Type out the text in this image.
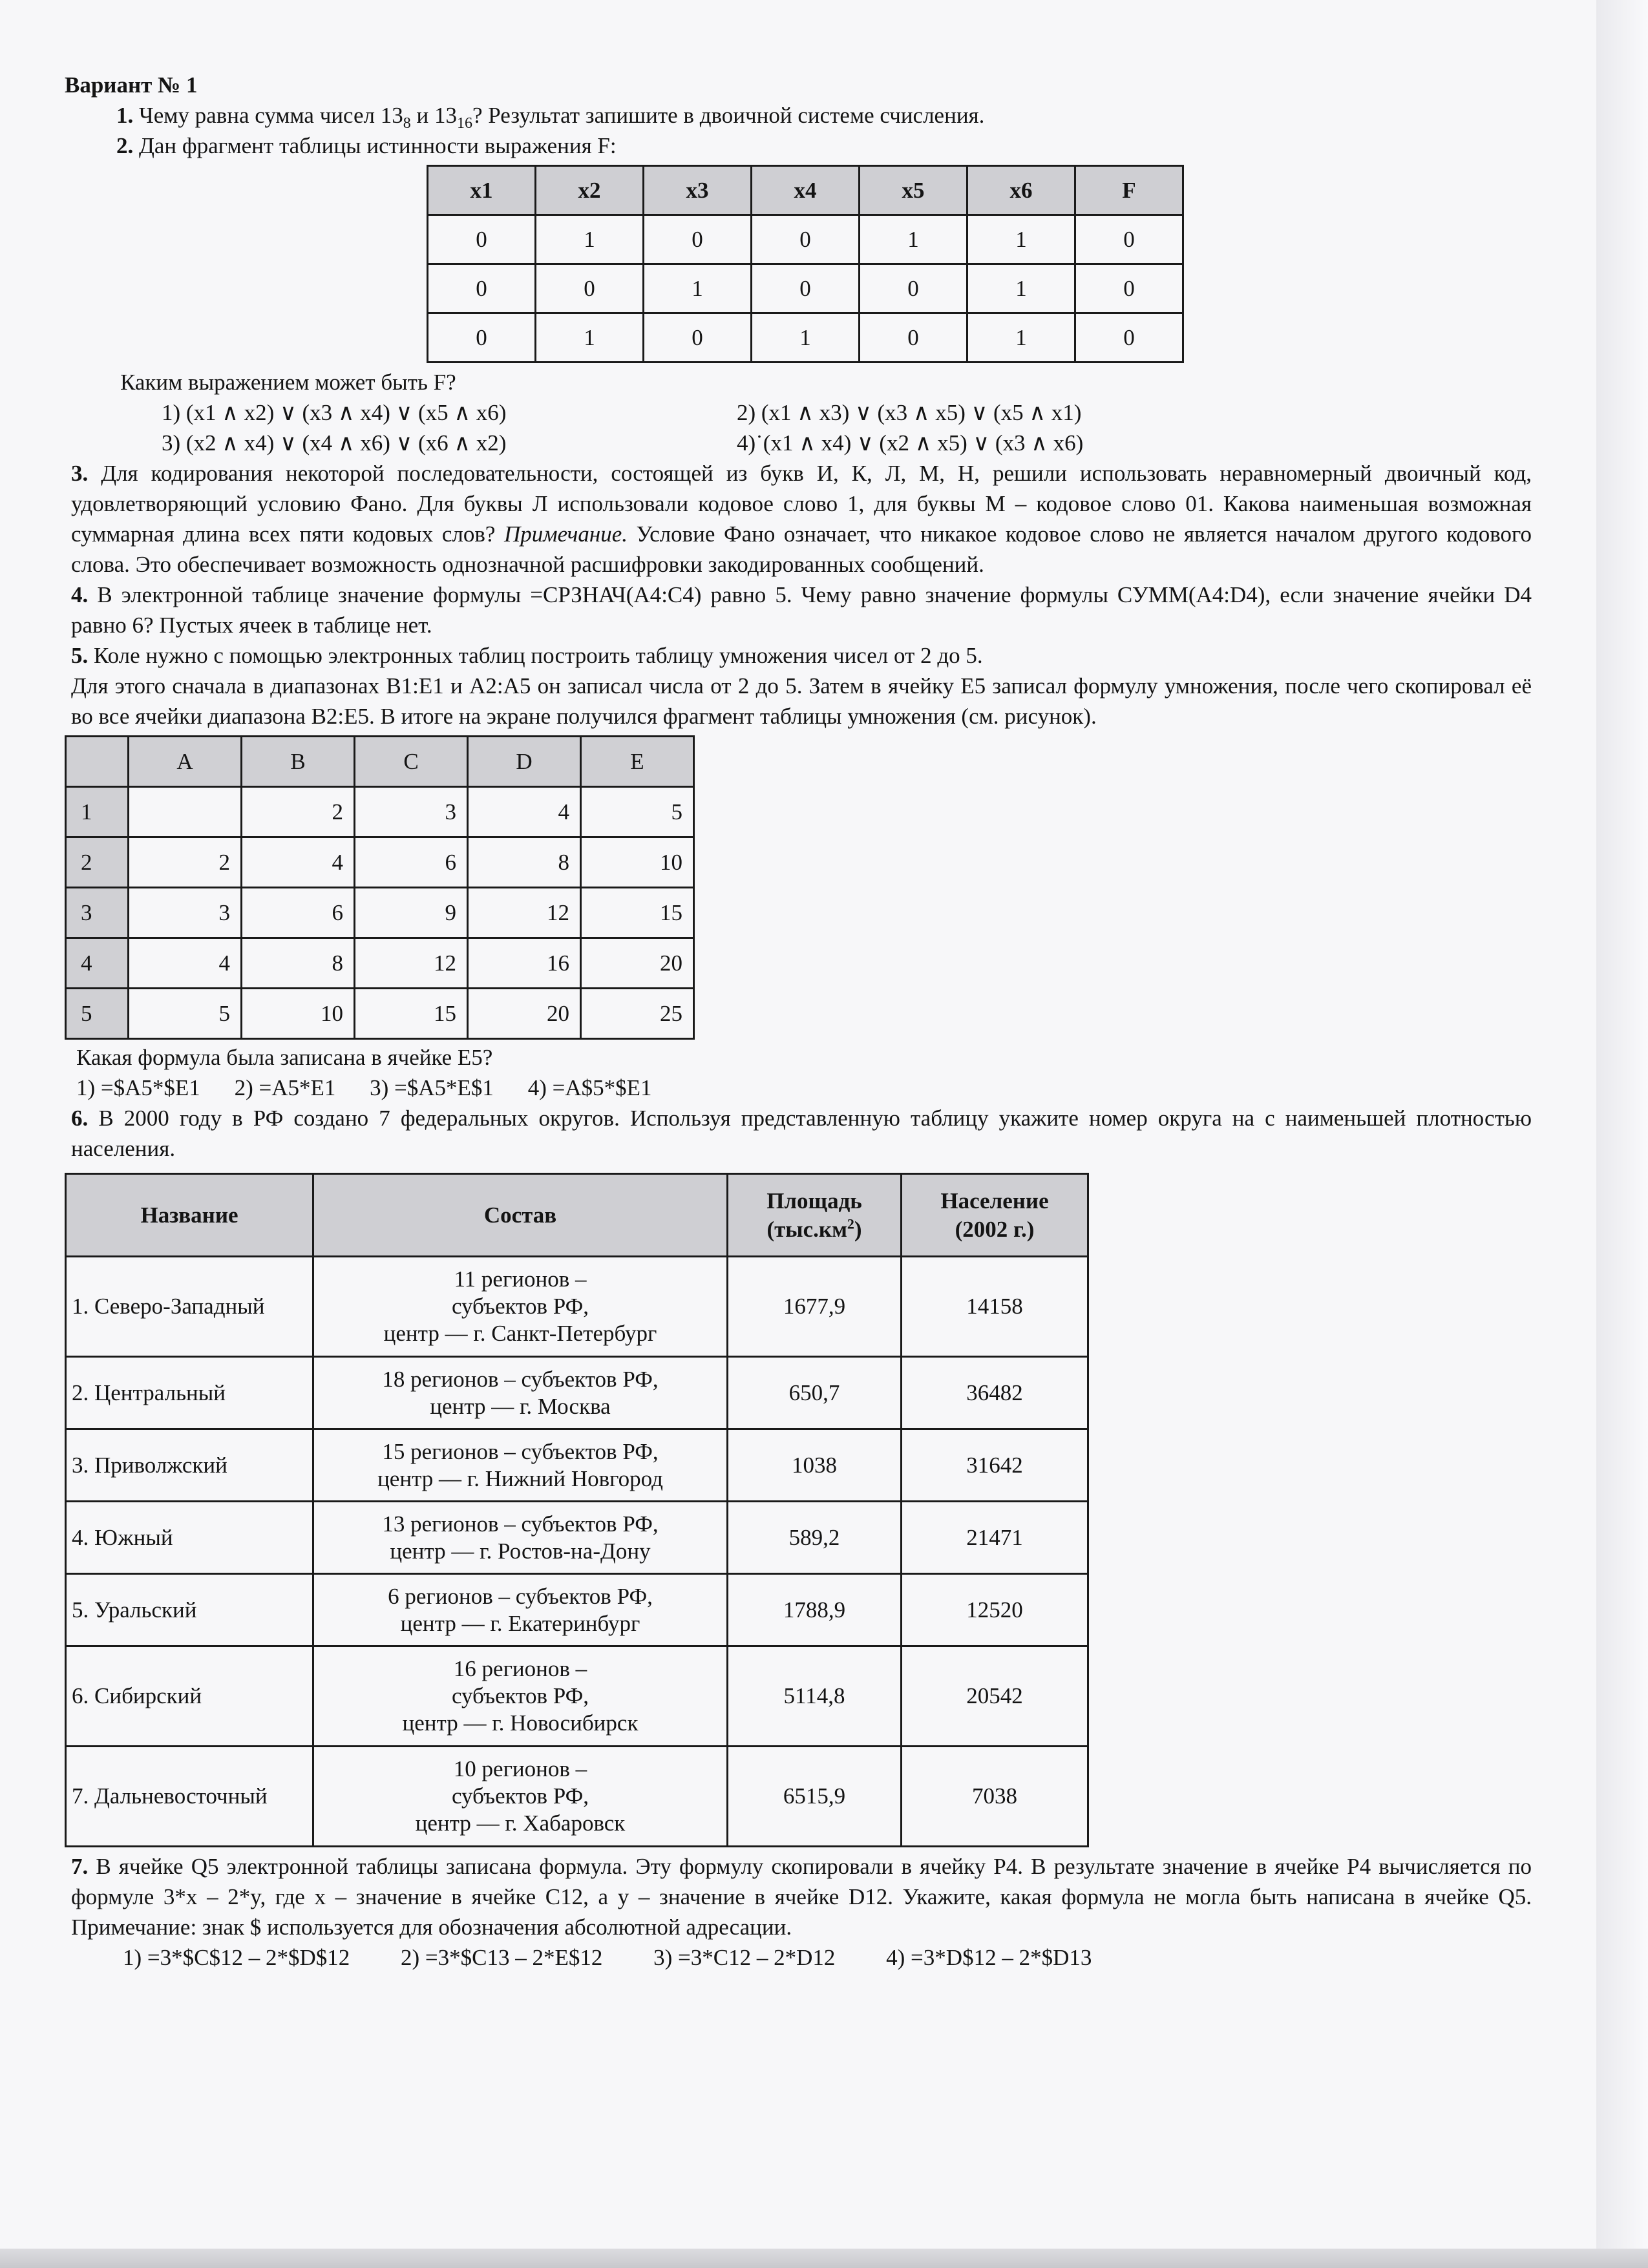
Вариант № 1

1. Чему равна сумма чисел $13_8$ и $13_{16}$? Результат запишите в двоичной системе счисления.

2. Дан фрагмент таблицы истинности выражения F:

x1	x2	x3	x4	x5	x6	F
0	1	0	0	1	1	0
0	0	1	0	0	1	0
0	1	0	1	0	1	0

Каким выражением может быть F?

1) (x1 ∧ x2) ∨ (x3 ∧ x4) ∨ (x5 ∧ x6)	2) (x1 ∧ x3) ∨ (x3 ∧ x5) ∨ (x5 ∧ x1)
3) (x2 ∧ x4) ∨ (x4 ∧ x6) ∨ (x6 ∧ x2)	4)˙(x1 ∧ x4) ∨ (x2 ∧ x5) ∨ (x3 ∧ x6)

3. Для кодирования некоторой последовательности, состоящей из букв И, К, Л, М, Н, решили использовать неравномерный двоичный код, удовлетворяющий условию Фано. Для буквы Л использовали кодовое слово 1, для буквы М – кодовое слово 01. Какова наименьшая возможная суммарная длина всех пяти кодовых слов? Примечание. Условие Фано означает, что никакое кодовое слово не является началом другого кодового слова. Это обеспечивает возможность однозначной расшифровки закодированных сообщений.

4. В электронной таблице значение формулы =СРЗНАЧ(A4:C4) равно 5. Чему равно значение формулы СУММ(A4:D4), если значение ячейки D4 равно 6? Пустых ячеек в таблице нет.

5. Коле нужно с помощью электронных таблиц построить таблицу умножения чисел от 2 до 5.

Для этого сначала в диапазонах B1:E1 и A2:A5 он записал числа от 2 до 5. Затем в ячейку E5 записал формулу умножения, после чего скопировал её во все ячейки диапазона B2:E5. В итоге на экране получился фрагмент таблицы умножения (см. рисунок).

	A	B	C	D	E
1		2	3	4	5
2	2	4	6	8	10
3	3	6	9	12	15
4	4	8	12	16	20
5	5	10	15	20	25

Какая формула была записана в ячейке E5?

1) =$A5*$E1 2) =A5*E1 3) =$A5*E$1 4) =A$5*$E1

6. В 2000 году в РФ создано 7 федеральных округов. Используя представленную таблицу укажите номер округа на с наименьшей плотностью населения.

Название	Состав	Площадь
$(тыс.км^2)$	Население
(2002 г.)
1. Северо-Западный	11 регионов –
субъектов РФ,
центр — г. Санкт-Петербург	1677,9	14158
2. Центральный	18 регионов – субъектов РФ,
центр — г. Москва	650,7	36482
3. Приволжский	15 регионов – субъектов РФ,
центр — г. Нижний Новгород	1038	31642
4. Южный	13 регионов – субъектов РФ,
центр — г. Ростов-на-Дону	589,2	21471
5. Уральский	6 регионов – субъектов РФ,
центр — г. Екатеринбург	1788,9	12520
6. Сибирский	16 регионов –
субъектов РФ,
центр — г. Новосибирск	5114,8	20542
7. Дальневосточный	10 регионов –
субъектов РФ,
центр — г. Хабаровск	6515,9	7038

7. В ячейке Q5 электронной таблицы записана формула. Эту формулу скопировали в ячейку P4. В результате значение в ячейке P4 вычисляется по формуле 3*x – 2*y, где x – значение в ячейке C12, а y – значение в ячейке D12. Укажите, какая формула не могла быть написана в ячейке Q5. Примечание: знак $ используется для обозначения абсолютной адресации.

1) =3*$C$12 – 2*$D$12 2) =3*$C13 – 2*E$12 3) =3*C12 – 2*D12 4) =3*D$12 – 2*$D13
